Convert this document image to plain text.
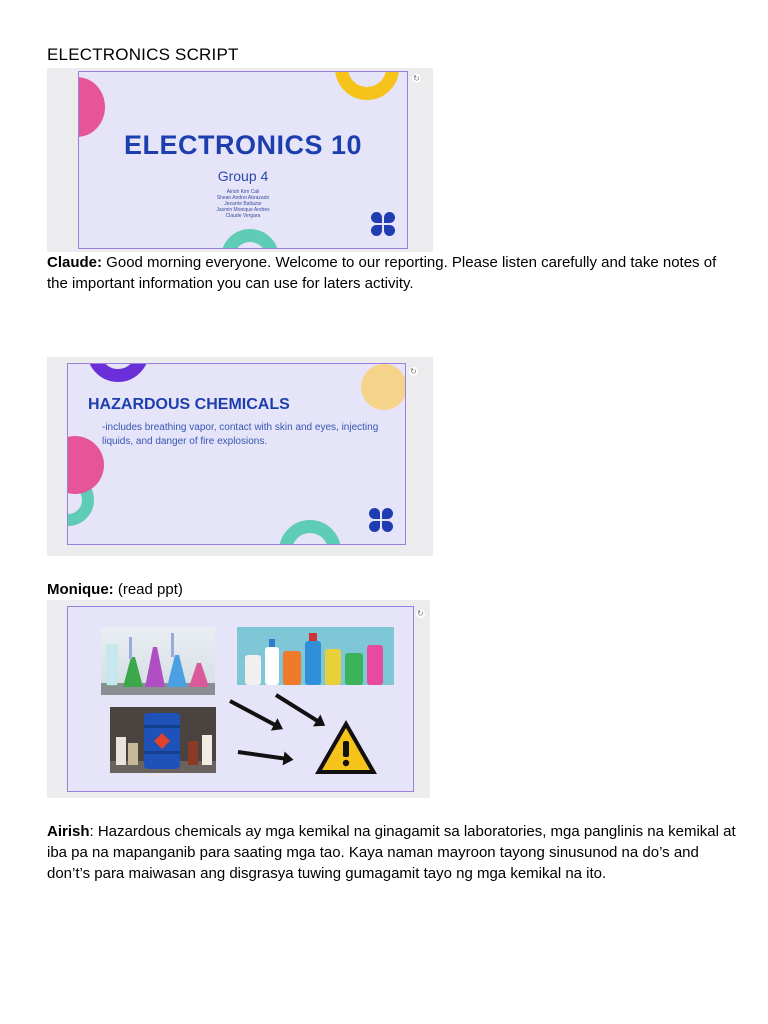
ELECTRONICS SCRIPT
ELECTRONICS 10
Group 4
Airish Kim Cali
Shean Andrei Abrazado
Jezarrie Baltazar
Jasmin Monique Andres
Claude Vergara
↻
Claude: Good morning everyone. Welcome to our reporting. Please listen carefully and take notes of the important information you can use for laters activity.
HAZARDOUS CHEMICALS
-includes breathing vapor, contact with skin and eyes, injecting liquids, and danger of fire explosions.
↻
Monique: (read ppt)
↻
Airish: Hazardous chemicals ay mga kemikal na ginagamit sa laboratories, mga panglinis na kemikal at iba pa na mapanganib para saating mga tao. Kaya naman mayroon tayong sinusunod na do’s and don’t’s para maiwasan ang disgrasya tuwing gumagamit tayo ng mga kemikal na ito.
